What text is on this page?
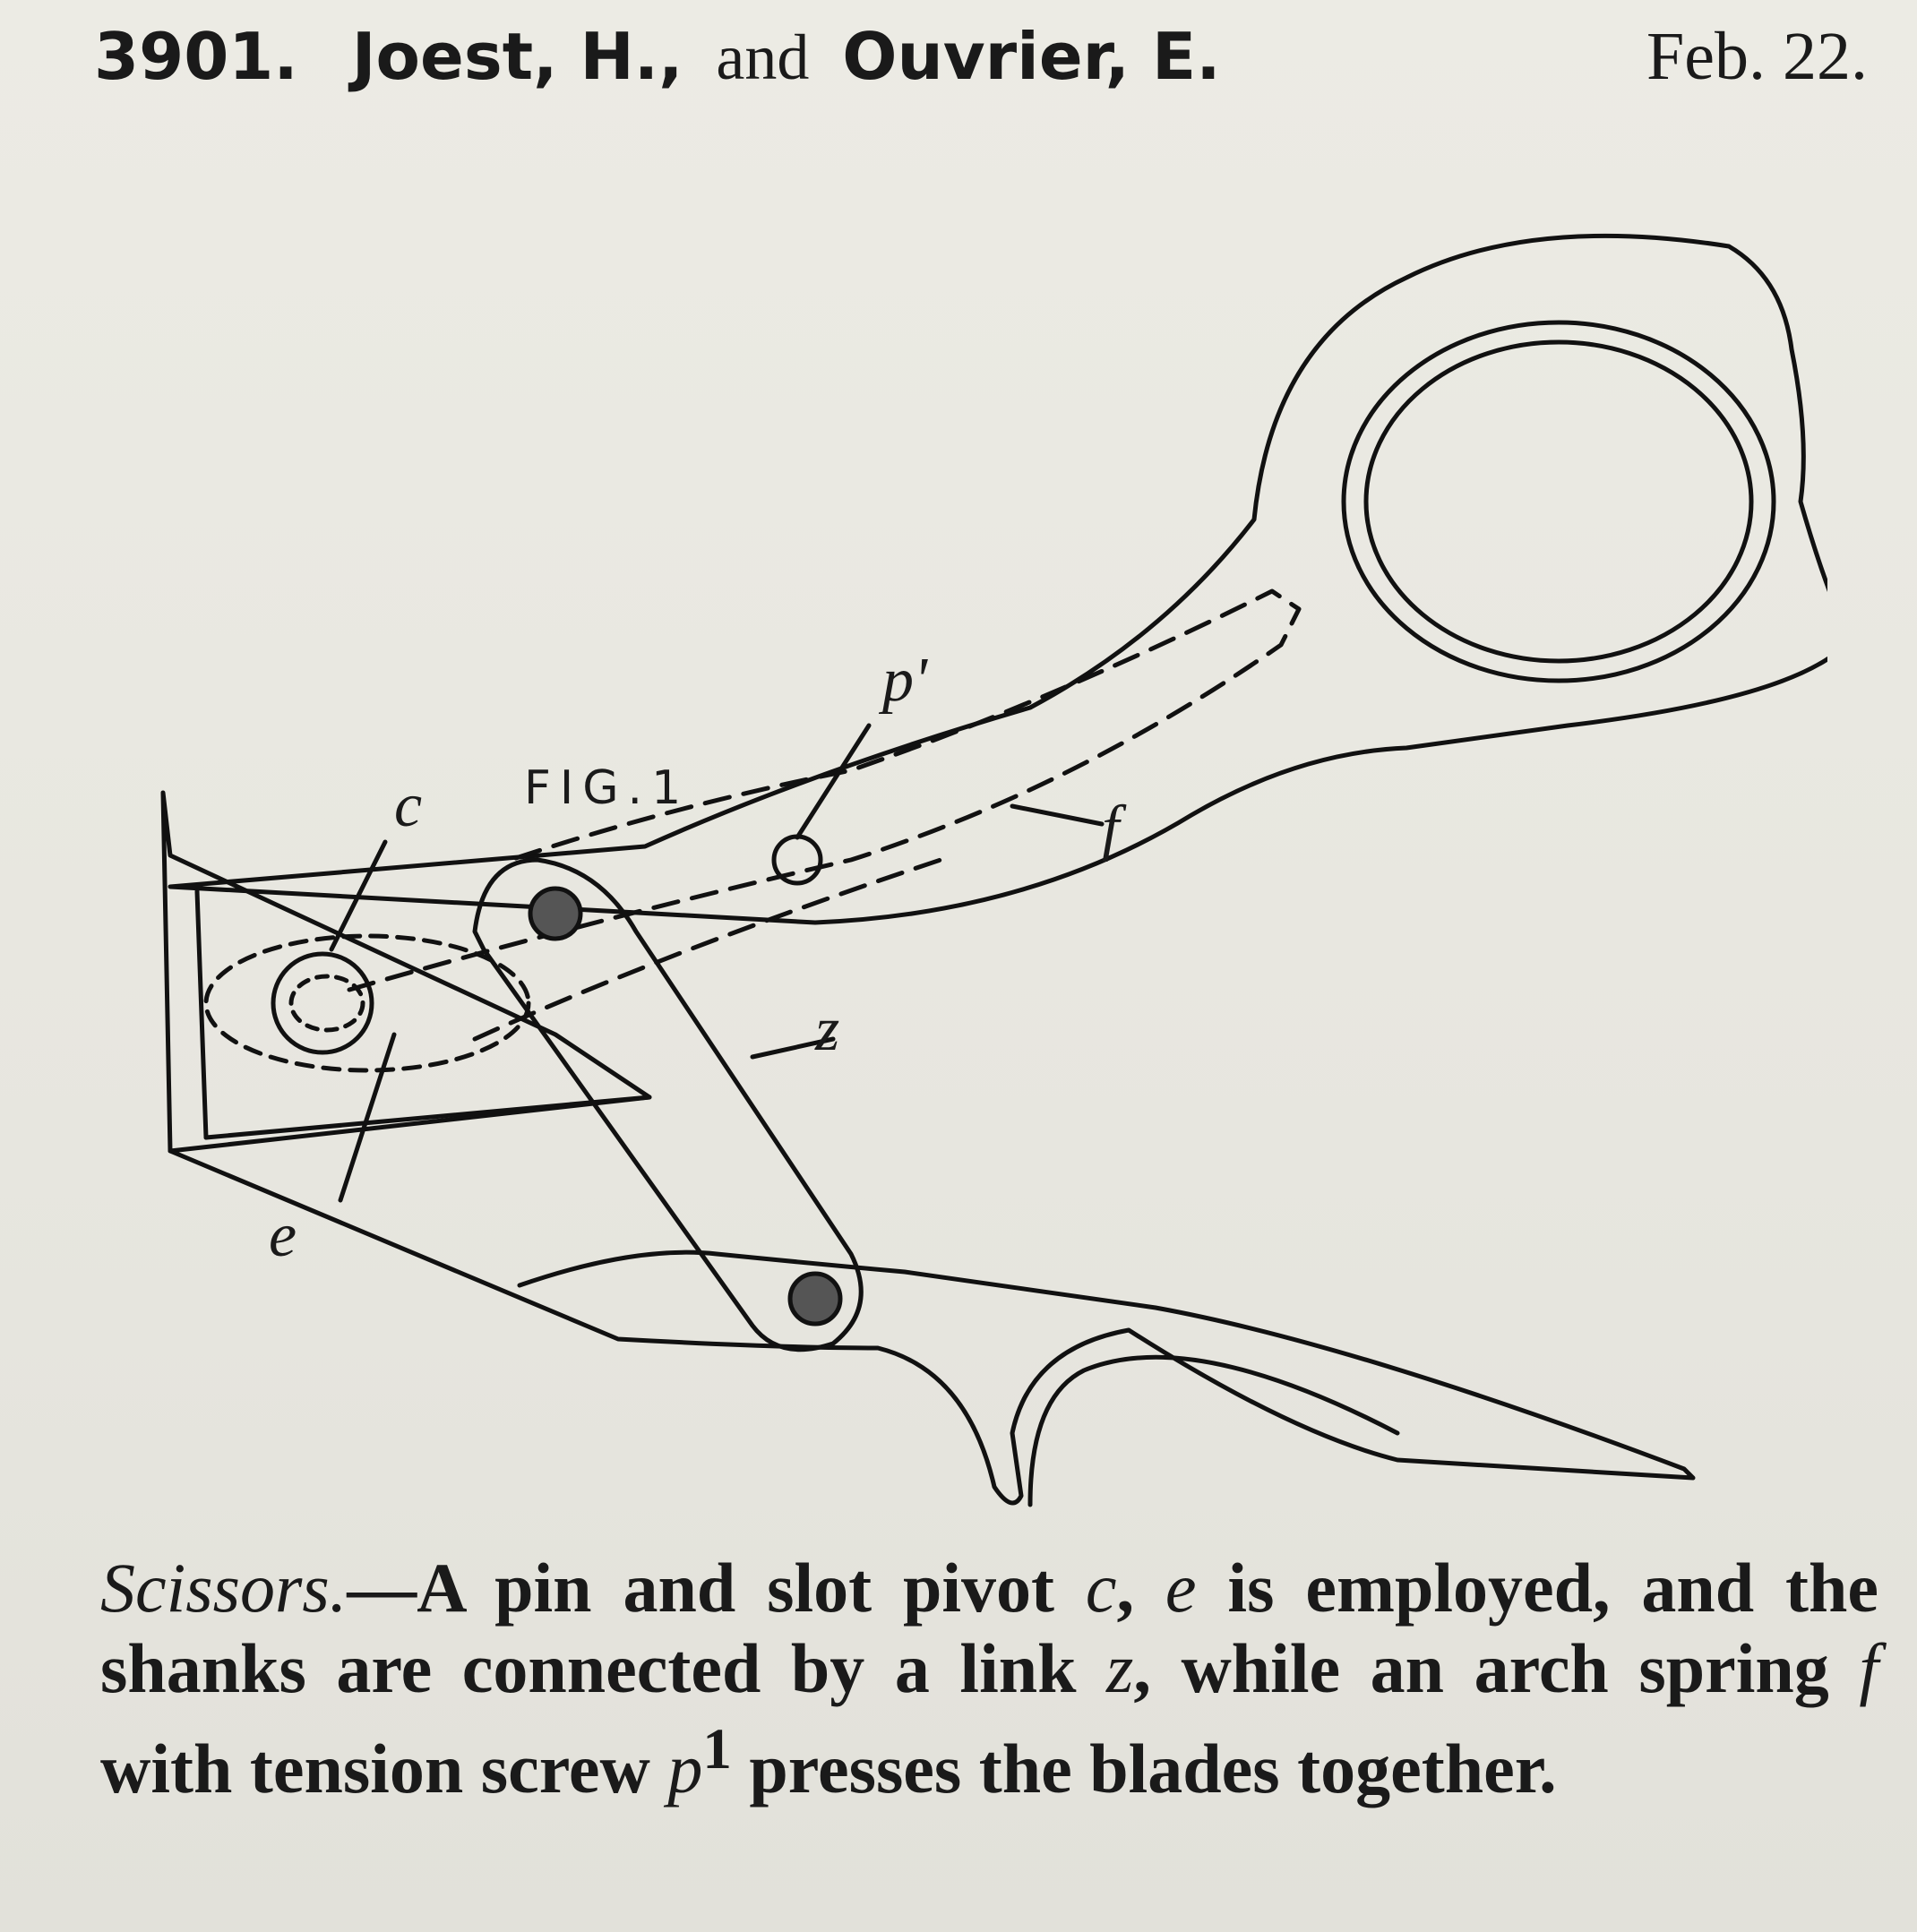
3901. Joest, H., and Ouvrier, E.	Feb. 22.
FIG.1
c
e
p'
f
z
Scissors.—A pin and slot pivot c, e is employed, and the shanks are connected by a link z, while an arch spring f with tension screw $p^1$ presses the blades together.
